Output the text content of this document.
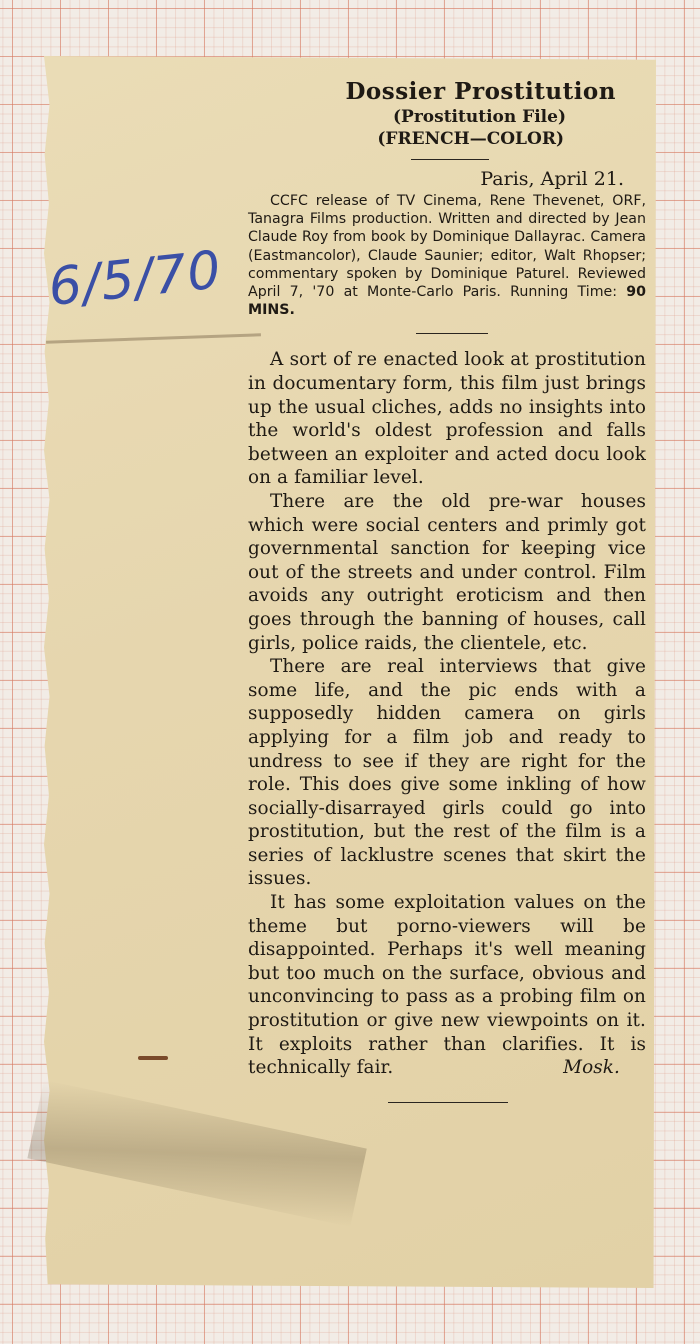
6/5/70
Dossier Prostitution
(Prostitution File)
(FRENCH—COLOR)
Paris, April 21.
CCFC release of TV Cinema, Rene Thevenet, ORF, Tanagra Films production. Written and directed by Jean Claude Roy from book by Dominique Dallayrac. Camera (Eastmancolor), Claude Saunier; editor, Walt Rhopser; commentary spoken by Dominique Paturel. Reviewed April 7, '70 at Monte-Carlo Paris. Running Time: 90 MINS.

A sort of re enacted look at prostitution in documentary form, this film just brings up the usual cliches, adds no insights into the world's oldest profession and falls between an exploiter and acted docu look on a familiar level.

There are the old pre-war houses which were social centers and primly got governmental sanction for keeping vice out of the streets and under control. Film avoids any outright eroticism and then goes through the banning of houses, call girls, police raids, the clientele, etc.

There are real interviews that give some life, and the pic ends with a supposedly hidden camera on girls applying for a film job and ready to undress to see if they are right for the role. This does give some inkling of how socially-disarrayed girls could go into prostitution, but the rest of the film is a series of lacklustre scenes that skirt the issues.

It has some exploitation values on the theme but porno-viewers will be disappointed. Perhaps it's well meaning but too much on the surface, obvious and unconvincing to pass as a probing film on prostitution or give new viewpoints on it. It exploits rather than clarifies. It is technically fair.	Mosk.
